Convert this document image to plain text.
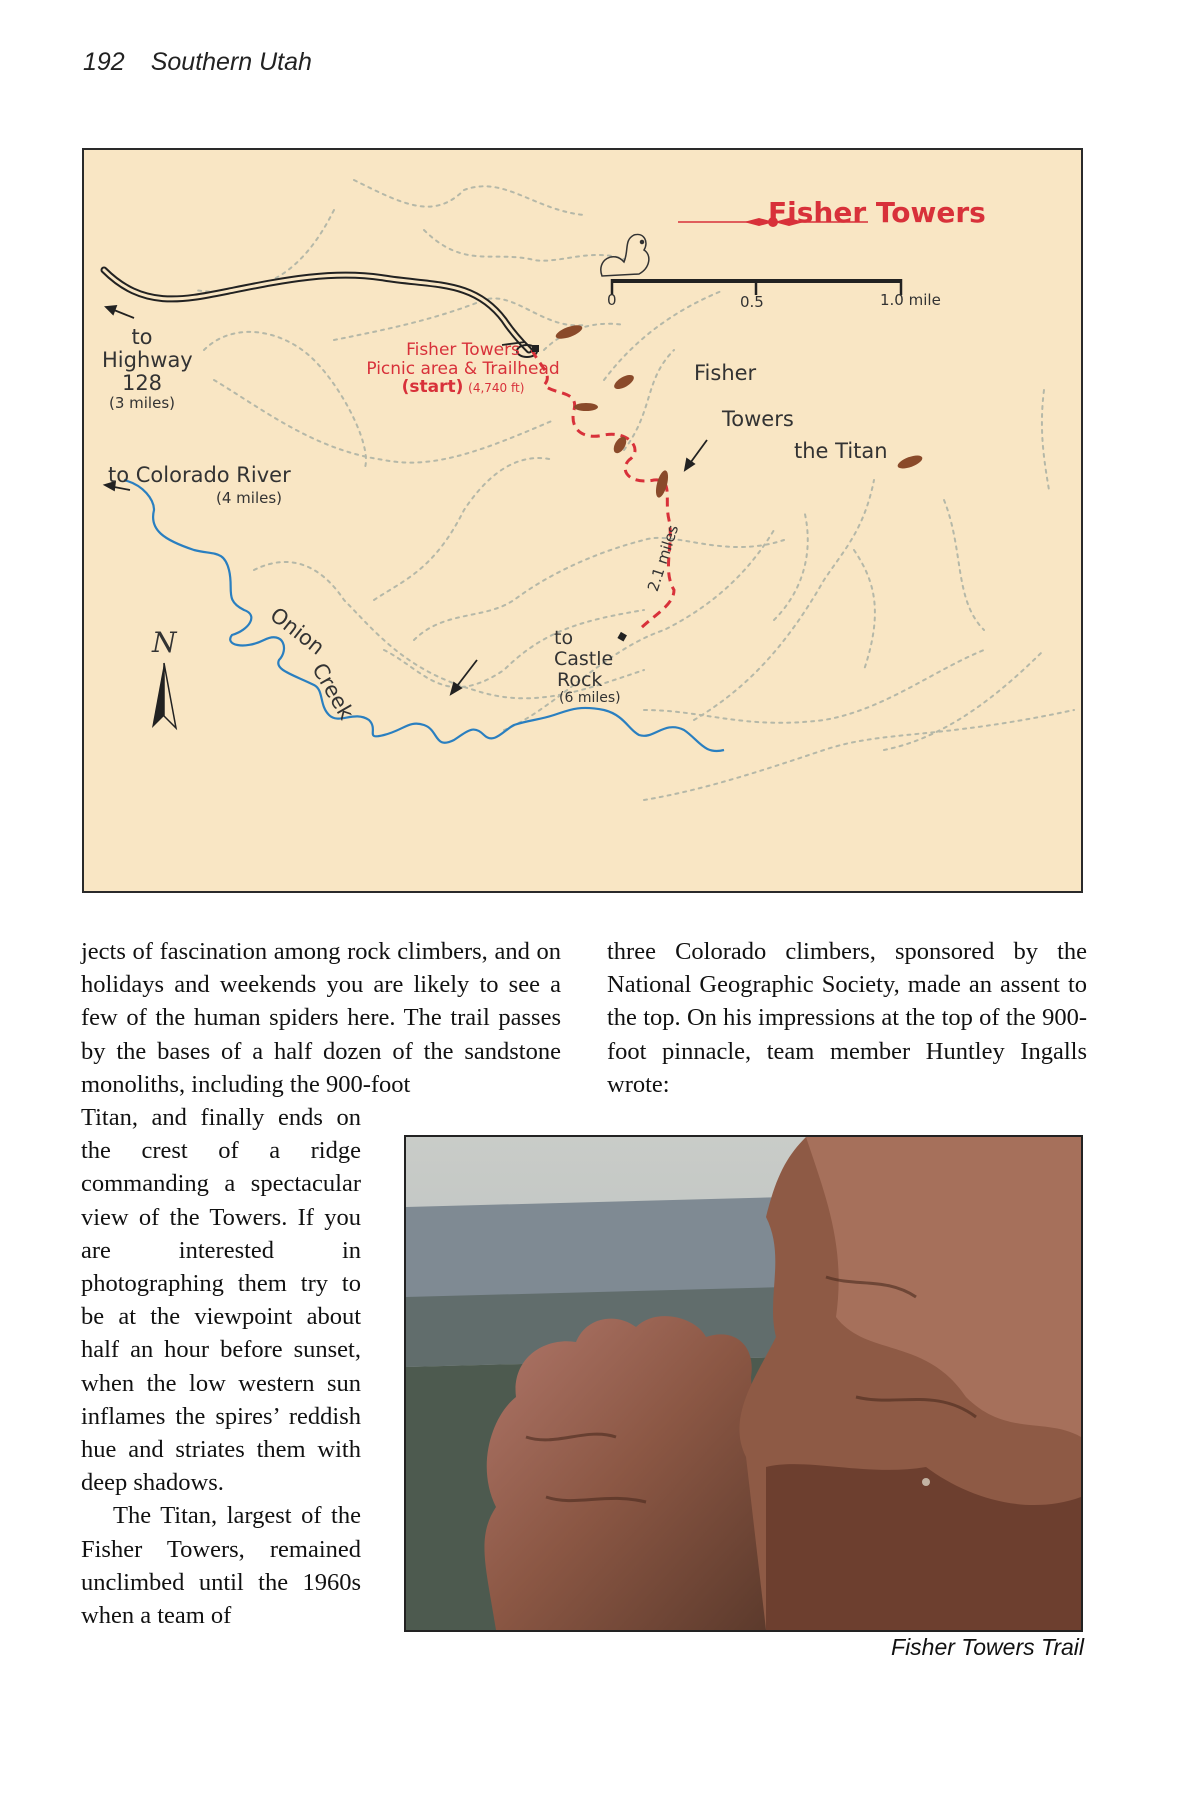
192 Southern Utah
Fisher Towers
0	0.5	1.0 mile
to
Highway
128
(3 miles)
Fisher Towers
Picnic area & Trailhead
(start) (4,740 ft)
Fisher
Towers
the Titan
to Colorado River
(4 miles)
2.1 miles
Onion
Creek
to
Castle
Rock
(6 miles)
N
jects of fascination among rock climbers, and on holidays and weekends you are likely to see a few of the human spiders here. The trail passes by the bases of a half dozen of the sandstone monoliths, including the 900-foot

Titan, and finally ends on the crest of a ridge commanding a spectacular view of the Towers. If you are interested in photographing them try to be at the viewpoint about half an hour before sunset, when the low western sun inflames the spires’ reddish hue and striates them with deep shadows.

The Titan, largest of the Fisher Towers, remained unclimbed until the 1960s when a team of

three Colorado climbers, sponsored by the National Geographic Society, made an assent to the top. On his impressions at the top of the 900-foot pinnacle, team member Huntley Ingalls wrote:
Fisher Towers Trail
